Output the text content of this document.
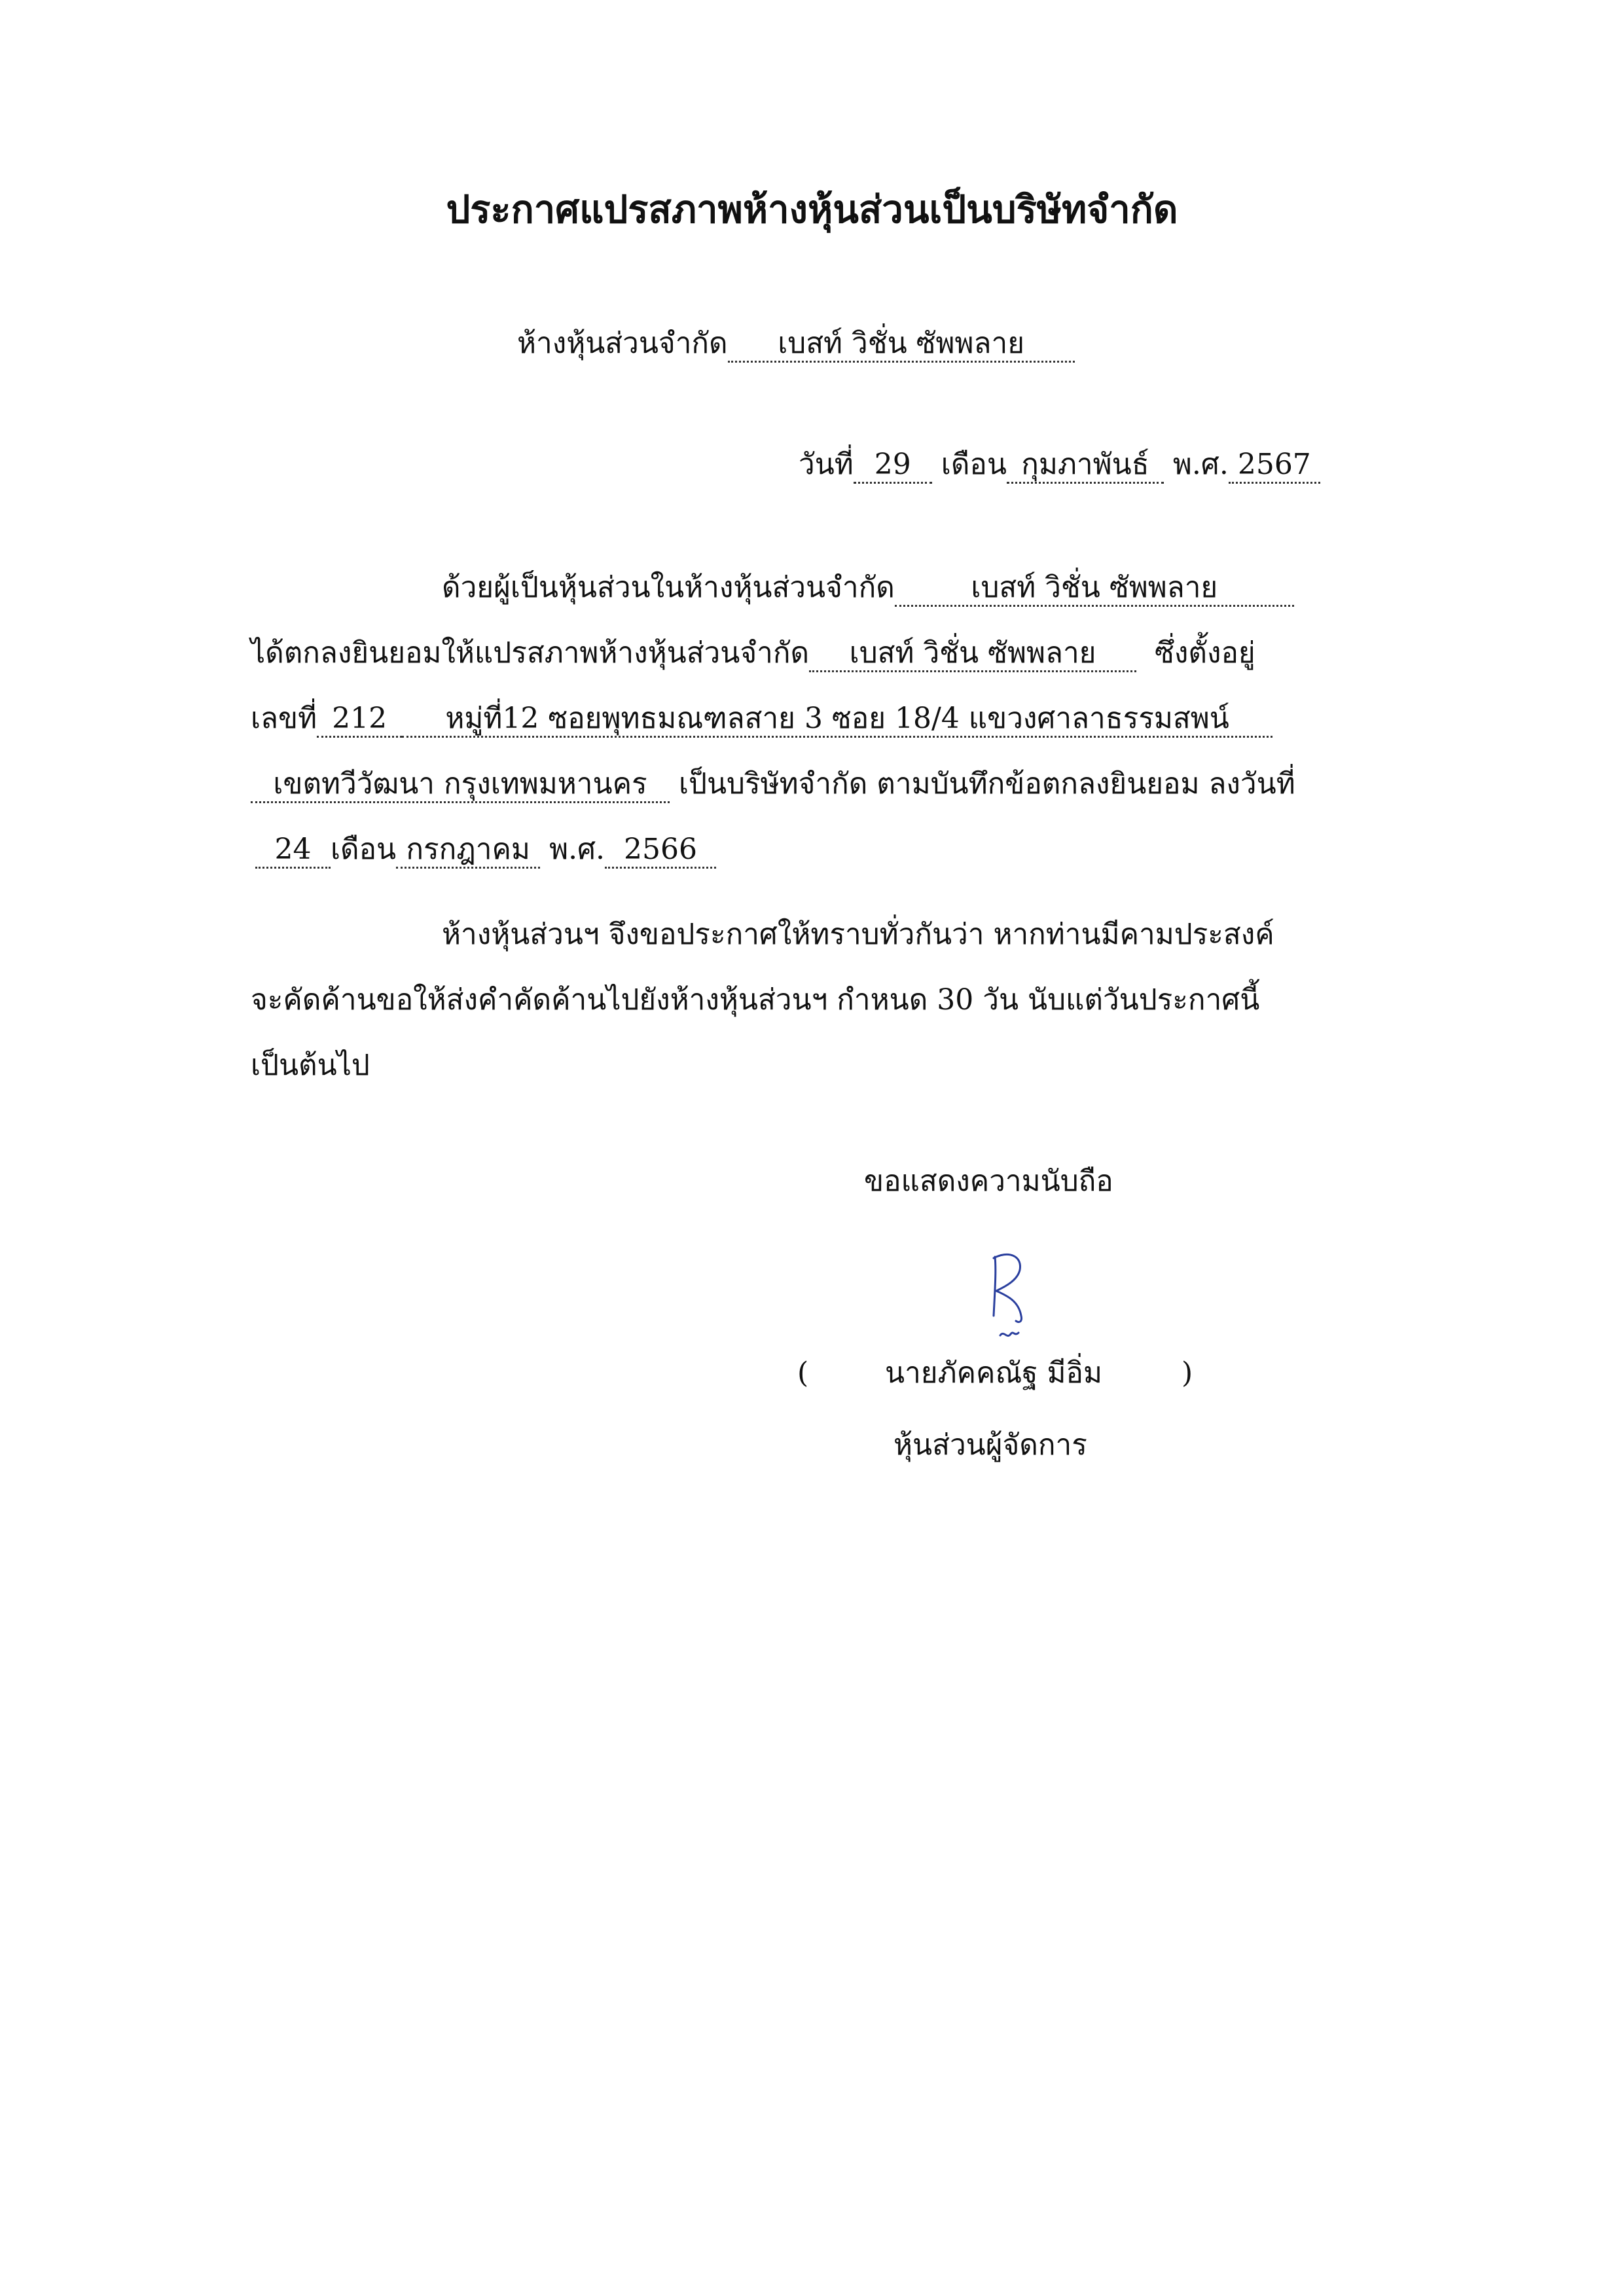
ประกาศแปรสภาพห้างหุ้นส่วนเป็นบริษัทจำกัด
ห้างหุ้นส่วนจำกัด เบสท์ วิชั่น ซัพพลาย
วันที่ 29 เดือน กุมภาพันธ์ พ.ศ. 2567
ด้วยผู้เป็นหุ้นส่วนในห้างหุ้นส่วนจำกัด	เบสท์ วิชั่น ซัพพลาย
ได้ตกลงยินยอมให้แปรสภาพห้างหุ้นส่วนจำกัด เบสท์ วิชั่น ซัพพลาย ซึ่งตั้งอยู่
เลขที่ 212 หมู่ที่12 ซอยพุทธมณฑลสาย 3 ซอย 18/4 แขวงศาลาธรรมสพน์
เขตทวีวัฒนา กรุงเทพมหานคร เป็นบริษัทจำกัด ตามบันทึกข้อตกลงยินยอม ลงวันที่
24 เดือน กรกฎาคม พ.ศ. 2566
ห้างหุ้นส่วนฯ จึงขอประกาศให้ทราบทั่วกันว่า หากท่านมีคามประสงค์
จะคัดค้านขอให้ส่งคำคัดค้านไปยังห้างหุ้นส่วนฯ กำหนด 30 วัน นับแต่วันประกาศนี้
เป็นต้นไป
ขอแสดงความนับถือ
(	นายภัคคณัฐ มีอิ่ม	)
หุ้นส่วนผู้จัดการ
